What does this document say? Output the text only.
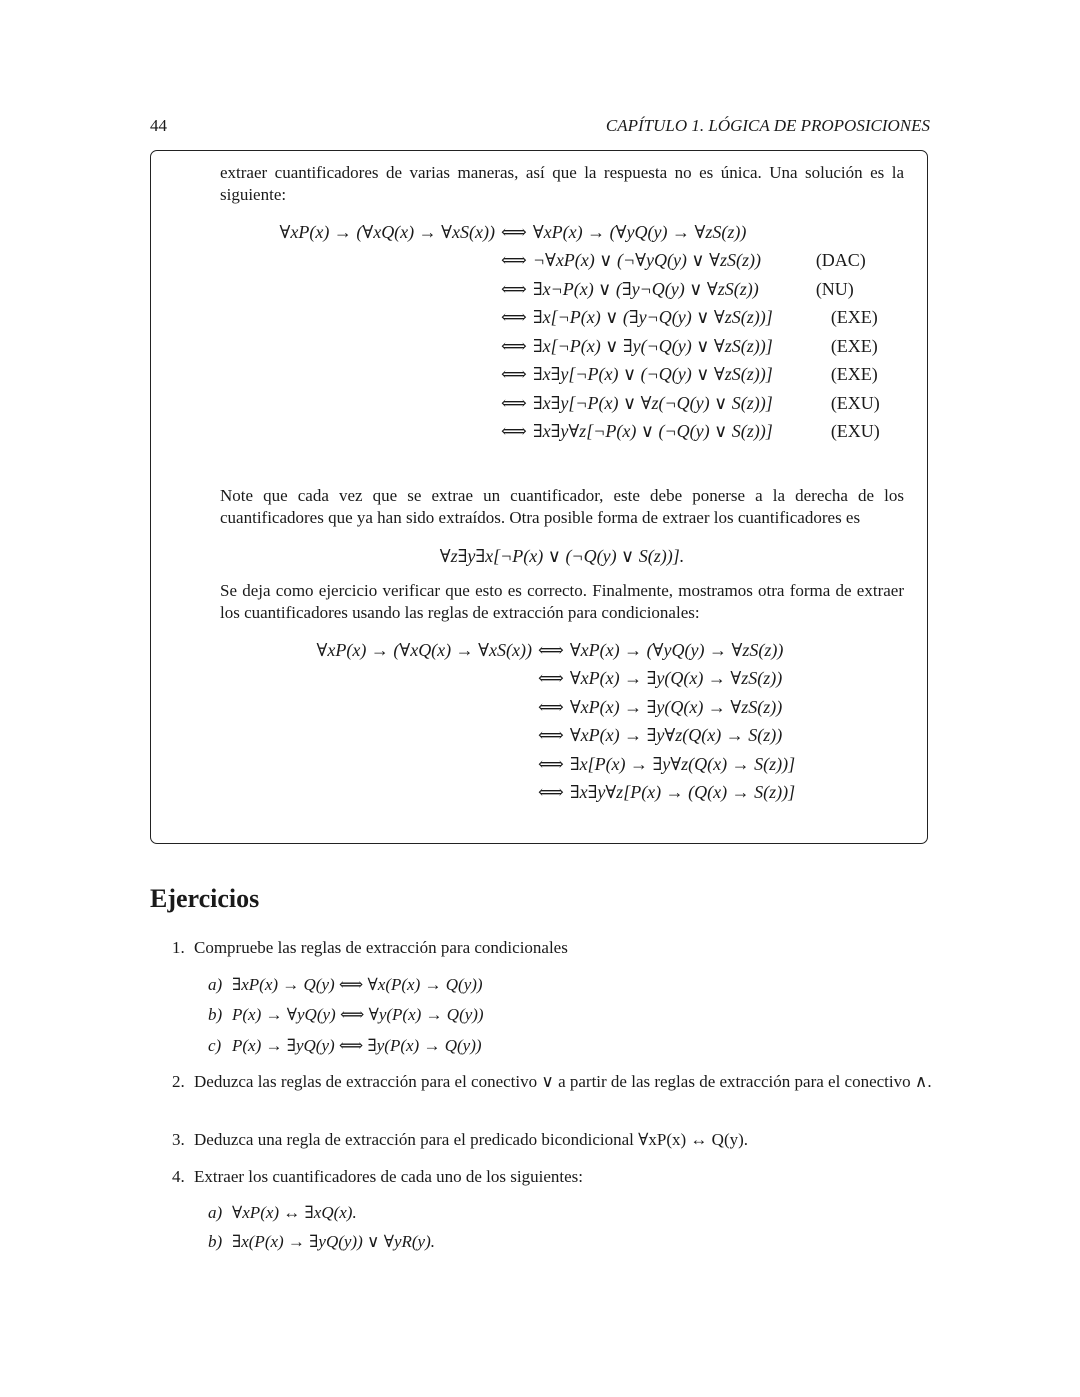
44	CAPÍTULO 1. LÓGICA DE PROPOSICIONES
extraer cuantificadores de varias maneras, así que la respuesta no es única. Una solución es la siguiente:
∀xP(x) → (∀xQ(x) → ∀xS(x)) ⟺ ∀xP(x) → (∀yQ(y) → ∀zS(z))
⟺ ¬∀xP(x) ∨ (¬∀yQ(y) ∨ ∀zS(z))	(DAC)
⟺ ∃x¬P(x) ∨ (∃y¬Q(y) ∨ ∀zS(z))	(NU)
⟺ ∃x[¬P(x) ∨ (∃y¬Q(y) ∨ ∀zS(z))]	(EXE)
⟺ ∃x[¬P(x) ∨ ∃y(¬Q(y) ∨ ∀zS(z))]	(EXE)
⟺ ∃x∃y[¬P(x) ∨ (¬Q(y) ∨ ∀zS(z))]	(EXE)
⟺ ∃x∃y[¬P(x) ∨ ∀z(¬Q(y) ∨ S(z))]	(EXU)
⟺ ∃x∃y∀z[¬P(x) ∨ (¬Q(y) ∨ S(z))]	(EXU)
Note que cada vez que se extrae un cuantificador, este debe ponerse a la derecha de los cuantificadores que ya han sido extraídos. Otra posible forma de extraer los cuantificadores es
∀z∃y∃x[¬P(x) ∨ (¬Q(y) ∨ S(z))].
Se deja como ejercicio verificar que esto es correcto. Finalmente, mostramos otra forma de extraer los cuantificadores usando las reglas de extracción para condicionales:
∀xP(x) → (∀xQ(x) → ∀xS(x)) ⟺ ∀xP(x) → (∀yQ(y) → ∀zS(z))
⟺ ∀xP(x) → ∃y(Q(x) → ∀zS(z))
⟺ ∀xP(x) → ∃y(Q(x) → ∀zS(z))
⟺ ∀xP(x) → ∃y∀z(Q(x) → S(z))
⟺ ∃x[P(x) → ∃y∀z(Q(x) → S(z))]
⟺ ∃x∃y∀z[P(x) → (Q(x) → S(z))]
Ejercicios
1. Compruebe las reglas de extracción para condicionales
a) ∃xP(x) → Q(y) ⟺ ∀x(P(x) → Q(y))
b) P(x) → ∀yQ(y) ⟺ ∀y(P(x) → Q(y))
c) P(x) → ∃yQ(y) ⟺ ∃y(P(x) → Q(y))
2. Deduzca las reglas de extracción para el conectivo ∨ a partir de las reglas de extracción para el conectivo ∧.
3. Deduzca una regla de extracción para el predicado bicondicional ∀xP(x) ↔ Q(y).
4. Extraer los cuantificadores de cada uno de los siguientes:
a) ∀xP(x) ↔ ∃xQ(x).
b) ∃x(P(x) → ∃yQ(y)) ∨ ∀yR(y).
